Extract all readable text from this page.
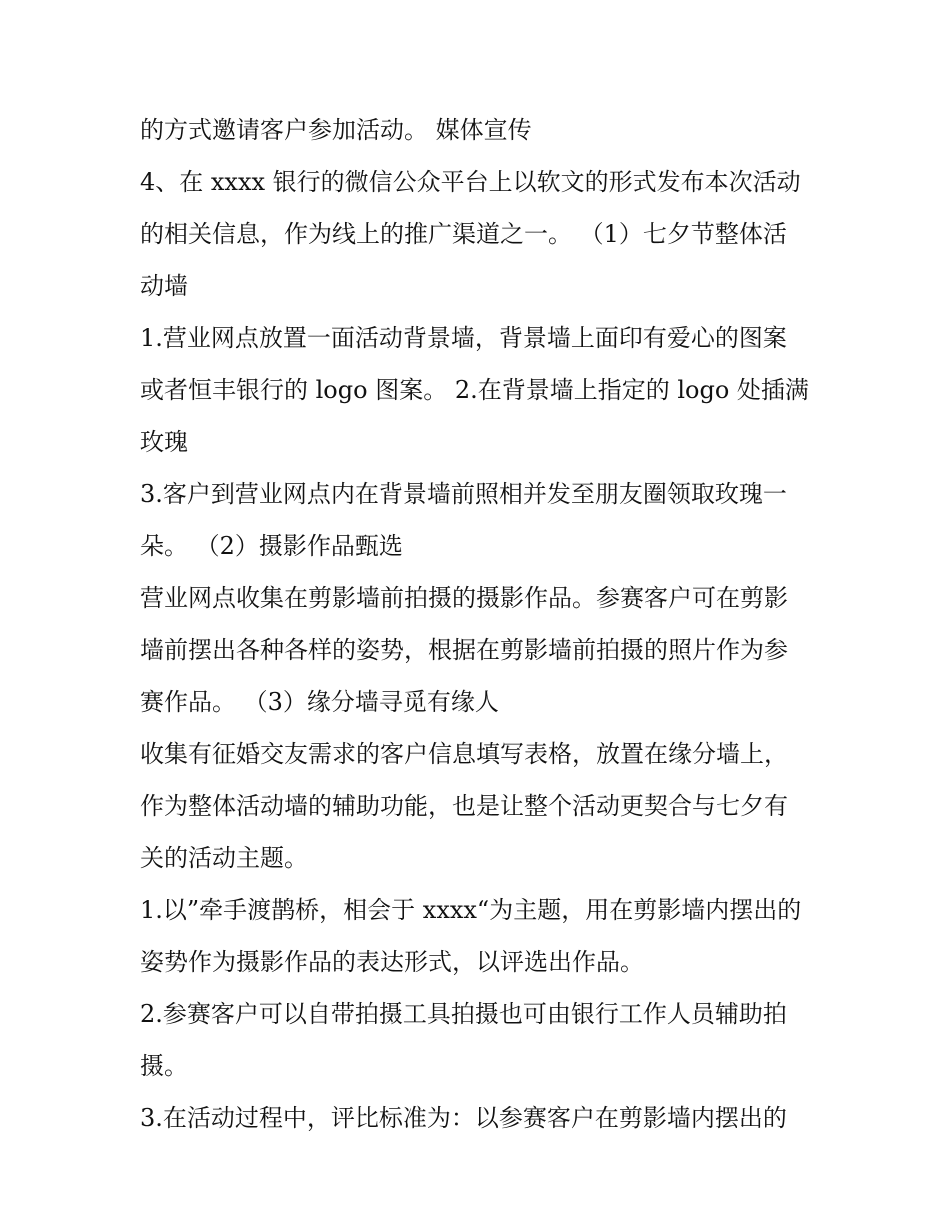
的方式邀请客户参加活动。 媒体宣传
4、在 xxxx 银行的微信公众平台上以软文的形式发布本次活动
的相关信息，作为线上的推广渠道之一。 （1）七夕节整体活
动墙
1.营业网点放置一面活动背景墙，背景墙上面印有爱心的图案
或者恒丰银行的 logo 图案。 2.在背景墙上指定的 logo 处插满
玫瑰
3.客户到营业网点内在背景墙前照相并发至朋友圈领取玫瑰一
朵。 （2）摄影作品甄选
营业网点收集在剪影墙前拍摄的摄影作品。参赛客户可在剪影
墙前摆出各种各样的姿势，根据在剪影墙前拍摄的照片作为参
赛作品。 （3）缘分墙寻觅有缘人
收集有征婚交友需求的客户信息填写表格，放置在缘分墙上，
作为整体活动墙的辅助功能，也是让整个活动更契合与七夕有
关的活动主题。
1.以”牵手渡鹊桥，相会于 xxxx“为主题，用在剪影墙内摆出的
姿势作为摄影作品的表达形式，以评选出作品。
2.参赛客户可以自带拍摄工具拍摄也可由银行工作人员辅助拍
摄。
3.在活动过程中，评比标准为：以参赛客户在剪影墙内摆出的
